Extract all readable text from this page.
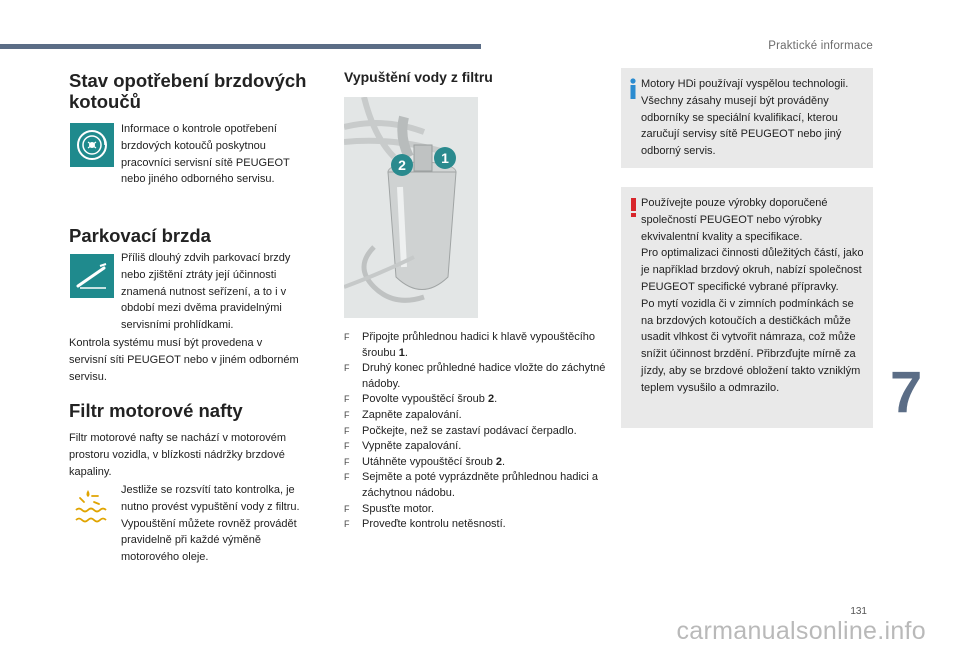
Praktické informace
Stav opotřebení brzdových kotoučů
Informace o kontrole opotřebení brzdových kotoučů poskytnou pracovníci servisní sítě PEUGEOT nebo jiného odborného servisu.
Parkovací brzda
Příliš dlouhý zdvih parkovací brzdy nebo zjištění ztráty její účinnosti znamená nutnost seřízení, a to i v období mezi dvěma pravidelnými servisními prohlídkami.
Kontrola systému musí být provedena v servisní síti PEUGEOT nebo v jiném odborném servisu.
Filtr motorové nafty
Filtr motorové nafty se nachází v motorovém prostoru vozidla, v blízkosti nádržky brzdové kapaliny.
Jestliže se rozsvítí tato kontrolka, je nutno provést vypuštění vody z filtru. Vypouštění můžete rovněž provádět pravidelně při každé výměně motorového oleje.
Vypuštění vody z filtru
2	1
F Připojte průhlednou hadici k hlavě vypouštěcího šroubu 1.
F Druhý konec průhledné hadice vložte do záchytné nádoby.
F Povolte vypouštěcí šroub 2.
F Zapněte zapalování.
F Počkejte, než se zastaví podávací čerpadlo.
F Vypněte zapalování.
F Utáhněte vypouštěcí šroub 2.
F Sejměte a poté vyprázdněte průhlednou hadici a záchytnou nádobu.
F Spusťte motor.
F Proveďte kontrolu netěsností.
Motory HDi používají vyspělou technologii. Všechny zásahy musejí být prováděny odborníky se speciální kvalifikací, kterou zaručují servisy sítě PEUGEOT nebo jiný odborný servis.
Používejte pouze výrobky doporučené společností PEUGEOT nebo výrobky ekvivalentní kvality a specifikace.
Pro optimalizaci činnosti důležitých částí, jako je například brzdový okruh, nabízí společnost PEUGEOT specifické vybrané přípravky.
Po mytí vozidla či v zimních podmínkách se na brzdových kotoučích a destičkách může usadit vlhkost či vytvořit námraza, což může snížit účinnost brzdění. Přibrzďujte mírně za jízdy, aby se brzdové obložení takto vzniklým teplem vysušilo a odmrazilo.	7
131
carmanualsonline.info
